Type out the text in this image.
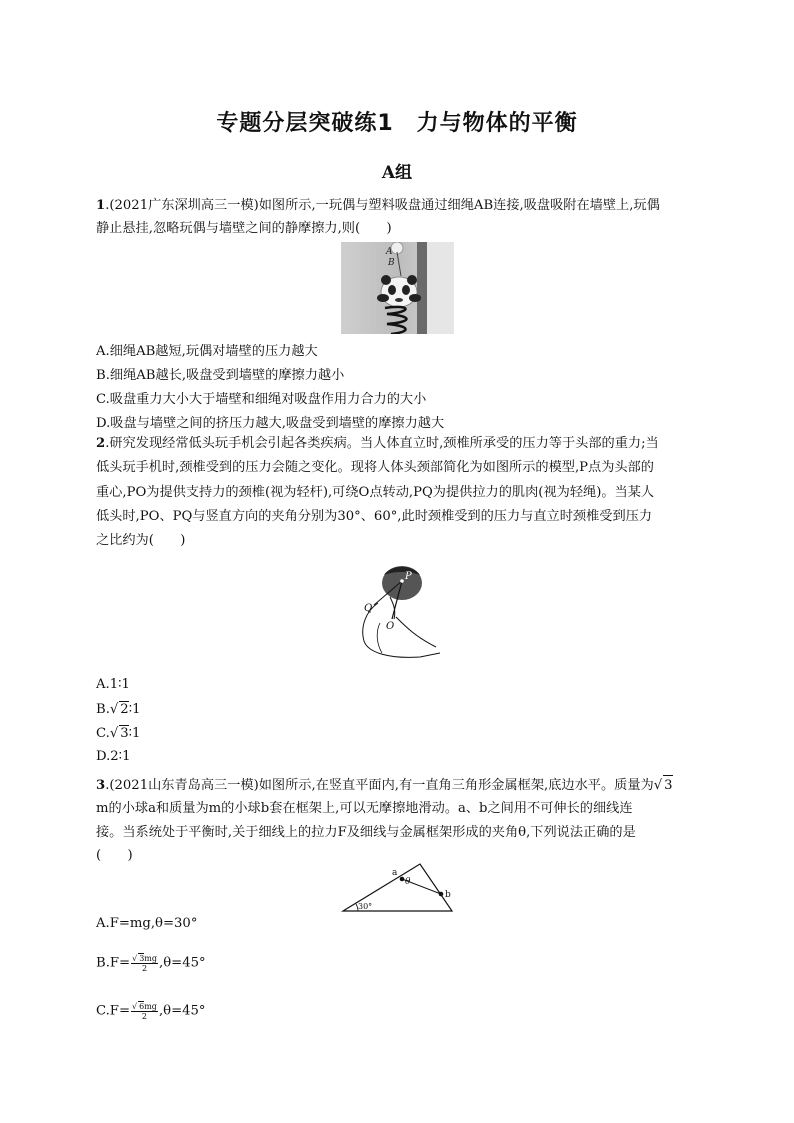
专题分层突破练1　力与物体的平衡
A组
1.(2021广东深圳高三一模)如图所示,一玩偶与塑料吸盘通过细绳AB连接,吸盘吸附在墙壁上,玩偶
静止悬挂,忽略玩偶与墙壁之间的静摩擦力,则(　　)
A
B
A.细绳AB越短,玩偶对墙壁的压力越大
B.细绳AB越长,吸盘受到墙壁的摩擦力越小
C.吸盘重力大小大于墙壁和细绳对吸盘作用力合力的大小
D.吸盘与墙壁之间的挤压力越大,吸盘受到墙壁的摩擦力越大
2.研究发现经常低头玩手机会引起各类疾病。当人体直立时,颈椎所承受的压力等于头部的重力;当
低头玩手机时,颈椎受到的压力会随之变化。现将人体头颈部简化为如图所示的模型,P点为头部的
重心,PO为提供支持力的颈椎(视为轻杆),可绕O点转动,PQ为提供拉力的肌肉(视为轻绳)。当某人
低头时,PO、PQ与竖直方向的夹角分别为30°、60°,此时颈椎受到的压力与直立时颈椎受到压力
之比约为(　　)
P
Q
O
A.1∶1
B.√ 2∶1
C.√ 3∶1
D.2∶1
3.(2021山东青岛高三一模)如图所示,在竖直平面内,有一直角三角形金属框架,底边水平。质量为√ 3
m的小球a和质量为m的小球b套在框架上,可以无摩擦地滑动。a、b之间用不可伸长的细线连
接。当系统处于平衡时,关于细线上的拉力F及细线与金属框架形成的夹角θ,下列说法正确的是
(　　)
a
b
θ
30°
A.F=mg,θ=30°
$B.F= \frac{√ 3mg}{2} ,\theta=45^\circ$
$C.F= \frac{√ 6mg}{2} ,\theta=45^\circ$
